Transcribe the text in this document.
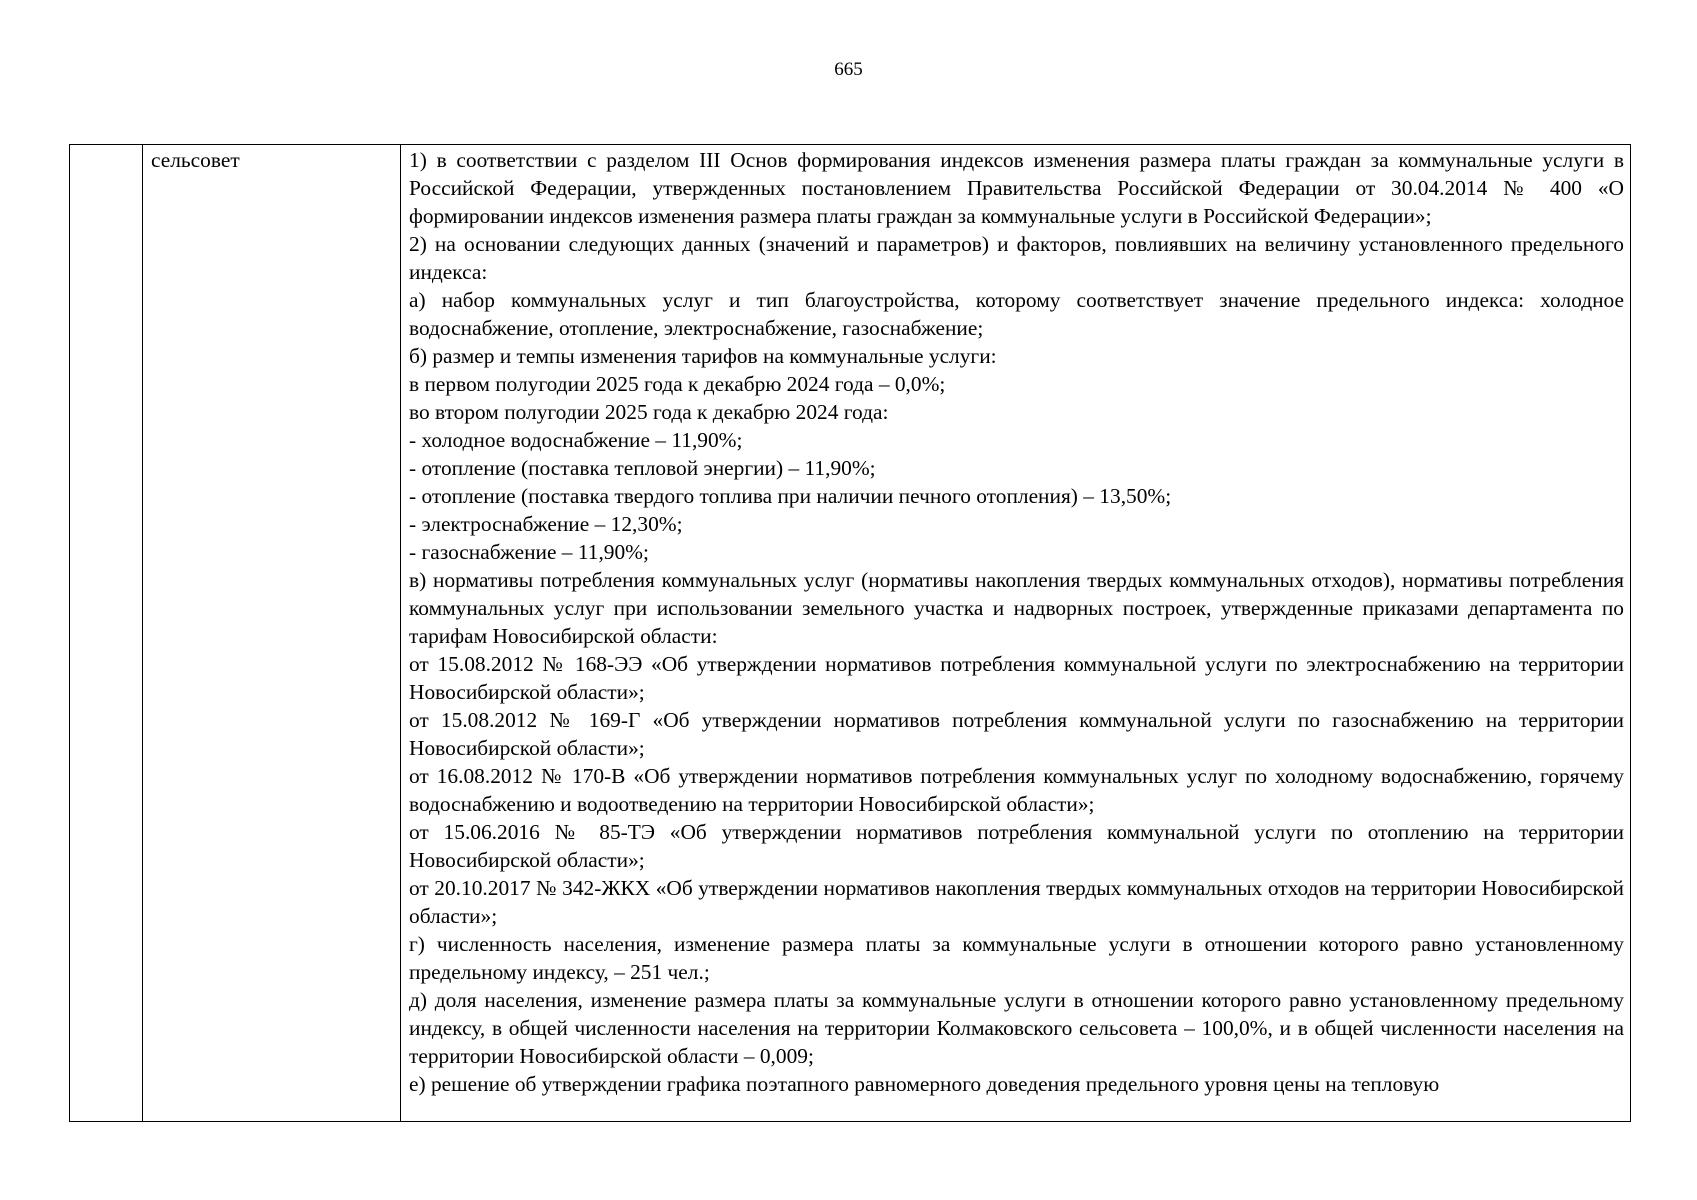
665
	сельсовет	1) в соответствии с разделом III Основ формирования индексов изменения размера платы граждан за коммунальные услуги в Российской Федерации, утвержденных постановлением Правительства Российской Федерации от 30.04.2014 № 400 «О формировании индексов изменения размера платы граждан за коммунальные услуги в Российской Федерации»;

2) на основании следующих данных (значений и параметров) и факторов, повлиявших на величину установленного предельного индекса:

а) набор коммунальных услуг и тип благоустройства, которому соответствует значение предельного индекса: холодное водоснабжение, отопление, электроснабжение, газоснабжение;

б) размер и темпы изменения тарифов на коммунальные услуги:

в первом полугодии 2025 года к декабрю 2024 года – 0,0%;

во втором полугодии 2025 года к декабрю 2024 года:

- холодное водоснабжение – 11,90%;

- отопление (поставка тепловой энергии) – 11,90%;

- отопление (поставка твердого топлива при наличии печного отопления) – 13,50%;

- электроснабжение – 12,30%;

- газоснабжение – 11,90%;

в) нормативы потребления коммунальных услуг (нормативы накопления твердых коммунальных отходов), нормативы потребления коммунальных услуг при использовании земельного участка и надворных построек, утвержденные приказами департамента по тарифам Новосибирской области:

от 15.08.2012 № 168-ЭЭ «Об утверждении нормативов потребления коммунальной услуги по электроснабжению на территории Новосибирской области»;

от 15.08.2012 № 169-Г «Об утверждении нормативов потребления коммунальной услуги по газоснабжению на территории Новосибирской области»;

от 16.08.2012 № 170-В «Об утверждении нормативов потребления коммунальных услуг по холодному водоснабжению, горячему водоснабжению и водоотведению на территории Новосибирской области»;

от 15.06.2016 № 85-ТЭ «Об утверждении нормативов потребления коммунальной услуги по отоплению на территории Новосибирской области»;

от 20.10.2017 № 342-ЖКХ «Об утверждении нормативов накопления твердых коммунальных отходов на территории Новосибирской области»;

г) численность населения, изменение размера платы за коммунальные услуги в отношении которого равно установленному предельному индексу, – 251 чел.;

д) доля населения, изменение размера платы за коммунальные услуги в отношении которого равно установленному предельному индексу, в общей численности населения на территории Колмаковского сельсовета – 100,0%, и в общей численности населения на территории Новосибирской области – 0,009;

е) решение об утверждении графика поэтапного равномерного доведения предельного уровня цены на тепловую
